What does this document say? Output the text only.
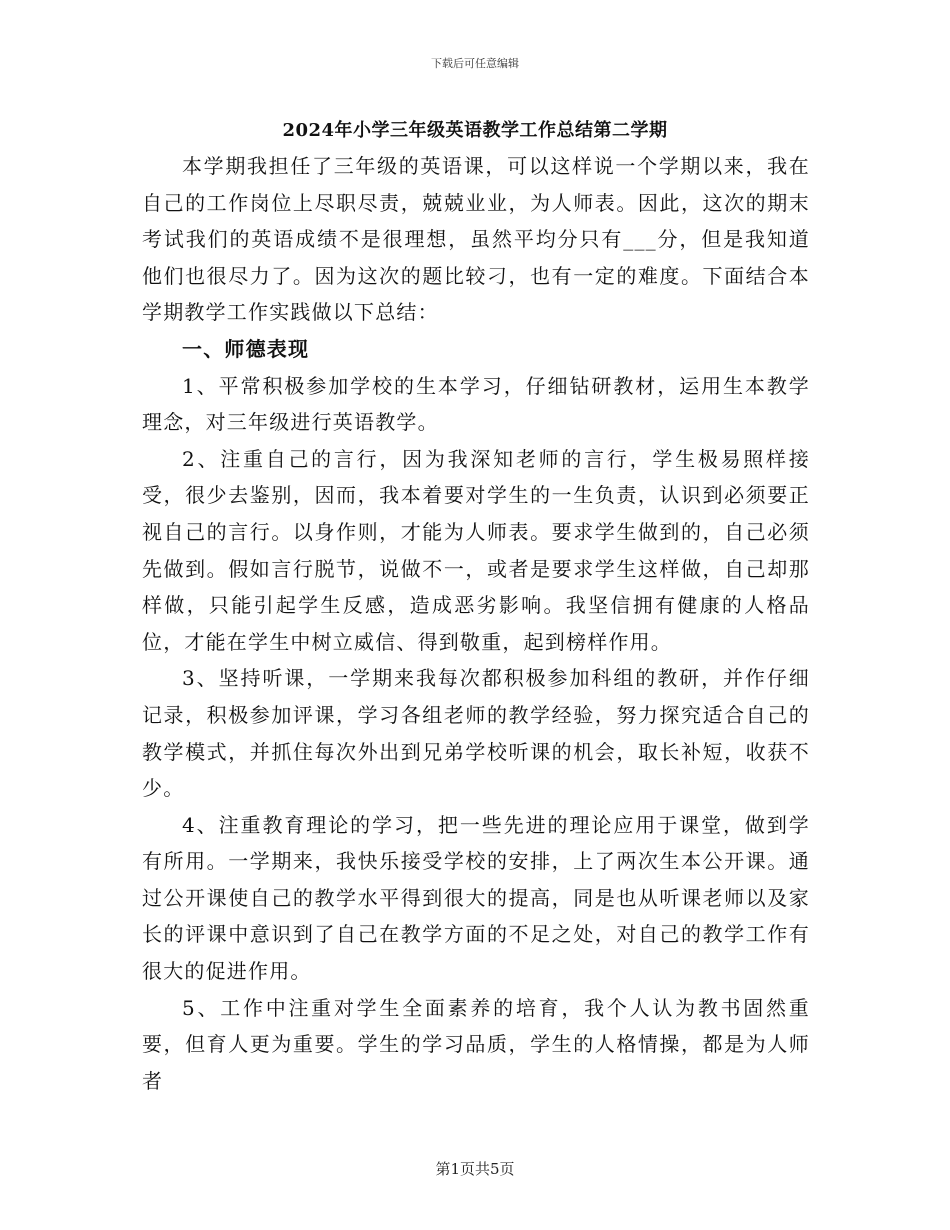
下载后可任意编辑
2024年小学三年级英语教学工作总结第二学期

本学期我担任了三年级的英语课，可以这样说一个学期以来，我在自己的工作岗位上尽职尽责，兢兢业业，为人师表。因此，这次的期末考试我们的英语成绩不是很理想，虽然平均分只有___分，但是我知道他们也很尽力了。因为这次的题比较刁，也有一定的难度。下面结合本学期教学工作实践做以下总结：

一、师德表现

1、平常积极参加学校的生本学习，仔细钻研教材，运用生本教学理念，对三年级进行英语教学。

2、注重自己的言行，因为我深知老师的言行，学生极易照样接受，很少去鉴别，因而，我本着要对学生的一生负责，认识到必须要正视自己的言行。以身作则，才能为人师表。要求学生做到的，自己必须先做到。假如言行脱节，说做不一，或者是要求学生这样做，自己却那样做，只能引起学生反感，造成恶劣影响。我坚信拥有健康的人格品位，才能在学生中树立威信、得到敬重，起到榜样作用。

3、坚持听课，一学期来我每次都积极参加科组的教研，并作仔细记录，积极参加评课，学习各组老师的教学经验，努力探究适合自己的教学模式，并抓住每次外出到兄弟学校听课的机会，取长补短，收获不少。

4、注重教育理论的学习，把一些先进的理论应用于课堂，做到学有所用。一学期来，我快乐接受学校的安排，上了两次生本公开课。通过公开课使自己的教学水平得到很大的提高，同是也从听课老师以及家长的评课中意识到了自己在教学方面的不足之处，对自己的教学工作有很大的促进作用。

5、工作中注重对学生全面素养的培育，我个人认为教书固然重要，但育人更为重要。学生的学习品质，学生的人格情操，都是为人师者

第1页共5页
